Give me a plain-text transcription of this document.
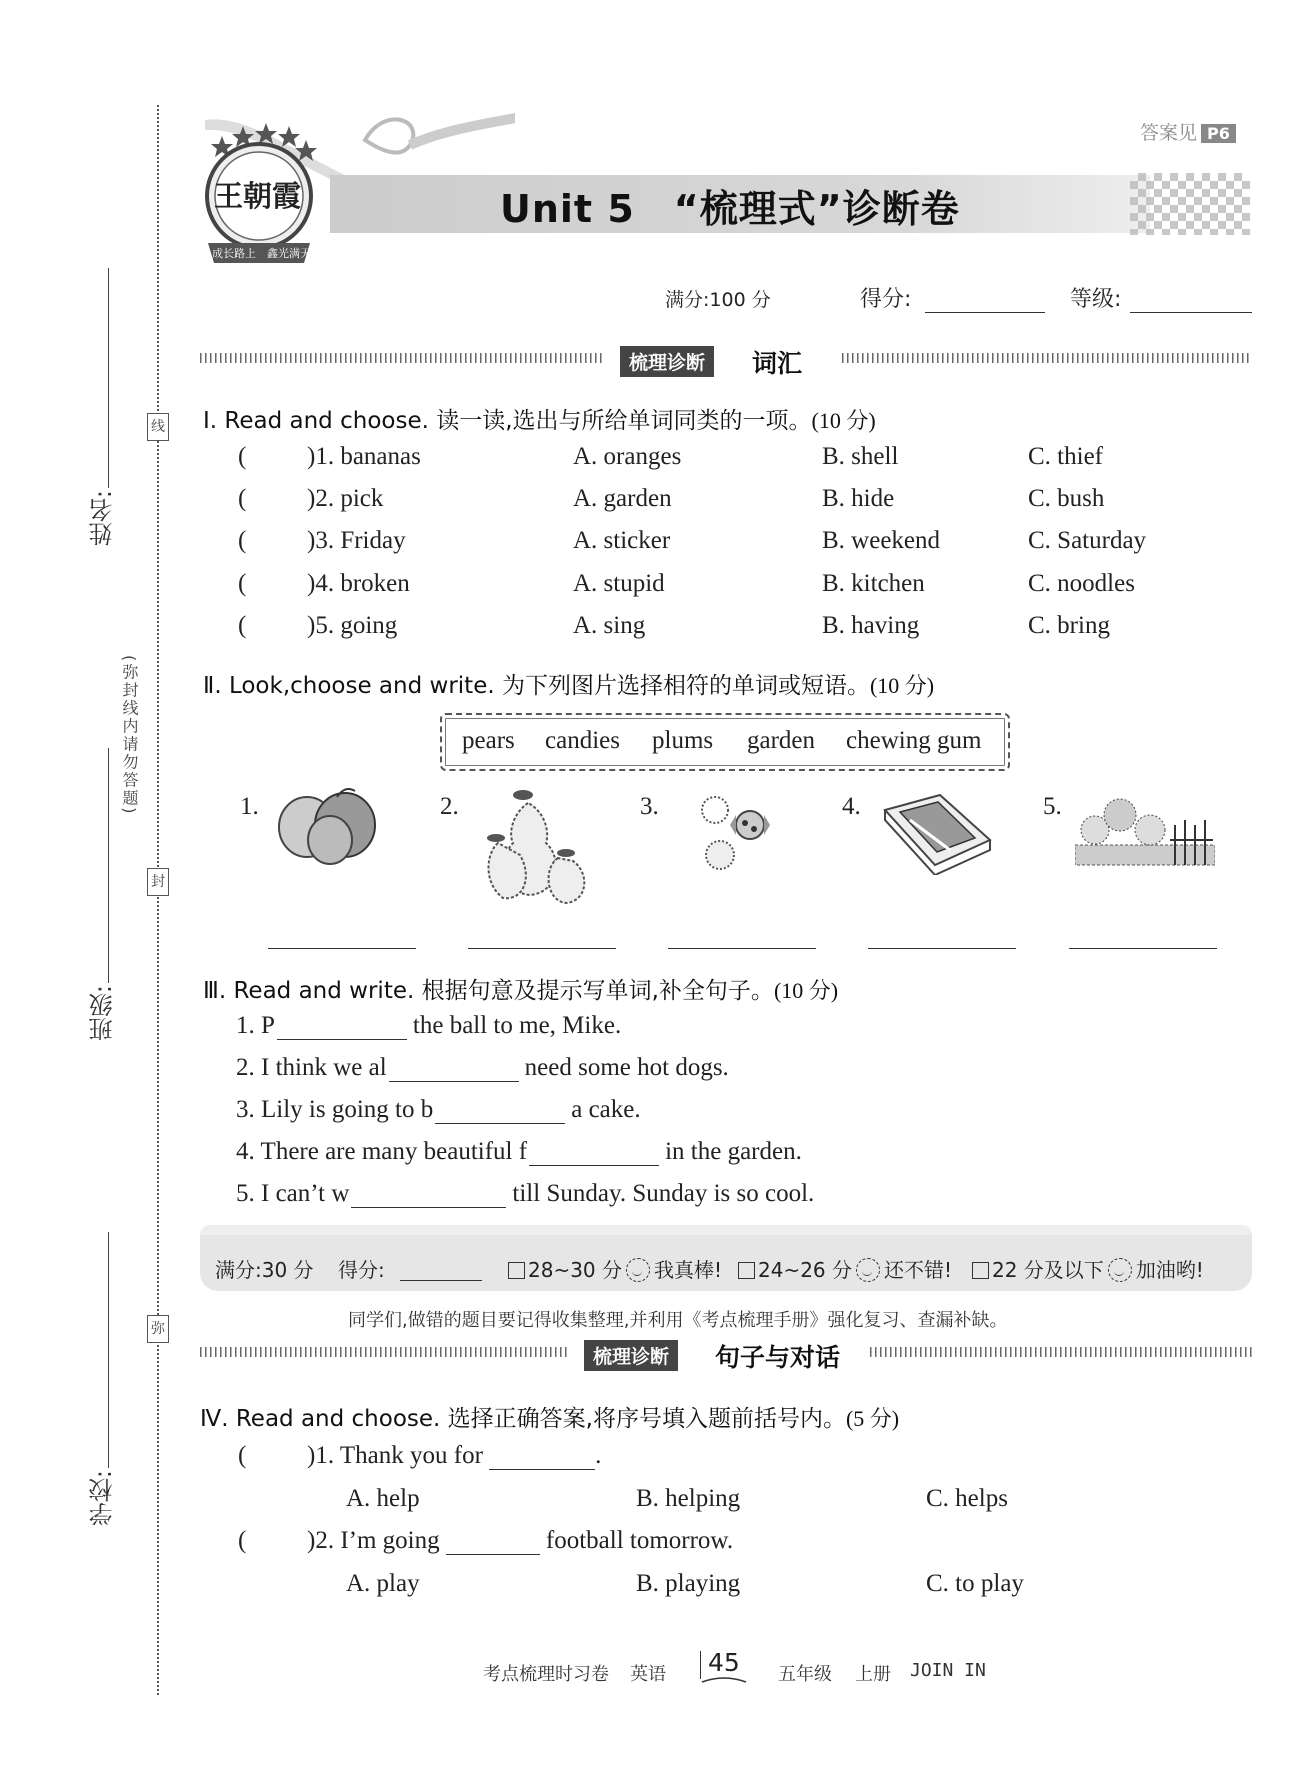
姓名:
班级:
学校:
线
封
弥
(弥封线内请勿答题)
答案见 P6
王朝霞
成长路上　鑫光满天
Unit 5　“梳理式”诊断卷
满分:100 分	得分:	等级:
梳理诊断	词汇
Ⅰ. Read and choose. 读一读,选出与所给单词同类的一项。(10 分)
( )1. bananas	A. oranges	B. shell	C. thief
( )2. pick	A. garden	B. hide	C. bush
( )3. Friday	A. sticker	B. weekend	C. Saturday
( )4. broken	A. stupid	B. kitchen	C. noodles
( )5. going	A. sing	B. having	C. bring
Ⅱ. Look,choose and write. 为下列图片选择相符的单词或短语。(10 分)
pears candies plums garden chewing gum
1.	2.	3.	4.	5.
Ⅲ. Read and write. 根据句意及提示写单词,补全句子。(10 分)
1. P	the ball to me, Mike.
2. I think we al	need some hot dogs.
3. Lily is going to b	a cake.
4. There are many beautiful f	in the garden.
5. I can’t w	till Sunday. Sunday is so cool.
满分:30 分 得分:	28~30 分 我真棒!	24~26 分 还不错!	22 分及以下 加油哟!
同学们,做错的题目要记得收集整理,并利用《考点梳理手册》强化复习、查漏补缺。
梳理诊断	句子与对话
Ⅳ. Read and choose. 选择正确答案,将序号填入题前括号内。(5 分)
( )1. Thank you for	.
A. help	B. helping	C. helps
( )2. I’m going	football tomorrow.
A. play	B. playing	C. to play
考点梳理时习卷 英语 45 五年级 上册 JOIN IN
